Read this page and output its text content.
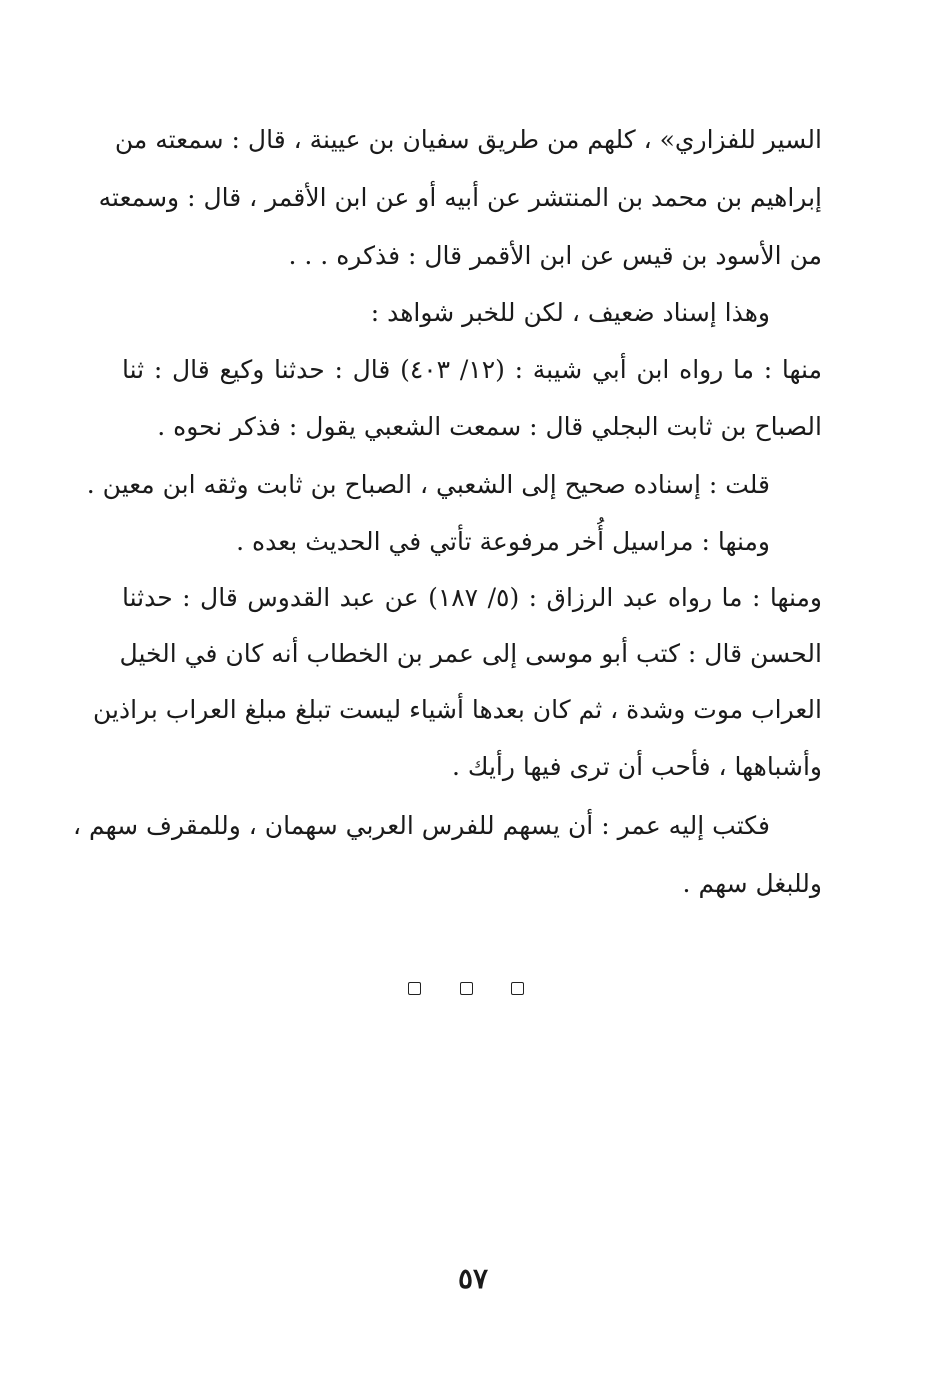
السير للفزاري» ، كلهم من طريق سفيان بن عيينة ، قال : سمعته من
إبراهيم بن محمد بن المنتشر عن أبيه أو عن ابن الأقمر ، قال : وسمعته
من الأسود بن قيس عن ابن الأقمر قال : فذكره . . .
وهذا إسناد ضعيف ، لكن للخبر شواهد :
منها : ما رواه ابن أبي شيبة : (١٢/ ٤٠٣) قال : حدثنا وكيع قال : ثنا
الصباح بن ثابت البجلي قال : سمعت الشعبي يقول : فذكر نحوه .
قلت : إسناده صحيح إلى الشعبي ، الصباح بن ثابت وثقه ابن معين .
ومنها : مراسيل أُخر مرفوعة تأتي في الحديث بعده .
ومنها : ما رواه عبد الرزاق : (٥/ ١٨٧) عن عبد القدوس قال : حدثنا
الحسن قال : كتب أبو موسى إلى عمر بن الخطاب أنه كان في الخيل
العراب موت وشدة ، ثم كان بعدها أشياء ليست تبلغ مبلغ العراب براذين
وأشباهها ، فأحب أن ترى فيها رأيك .
فكتب إليه عمر : أن يسهم للفرس العربي سهمان ، وللمقرف سهم ،
وللبغل سهم .
٥٧
